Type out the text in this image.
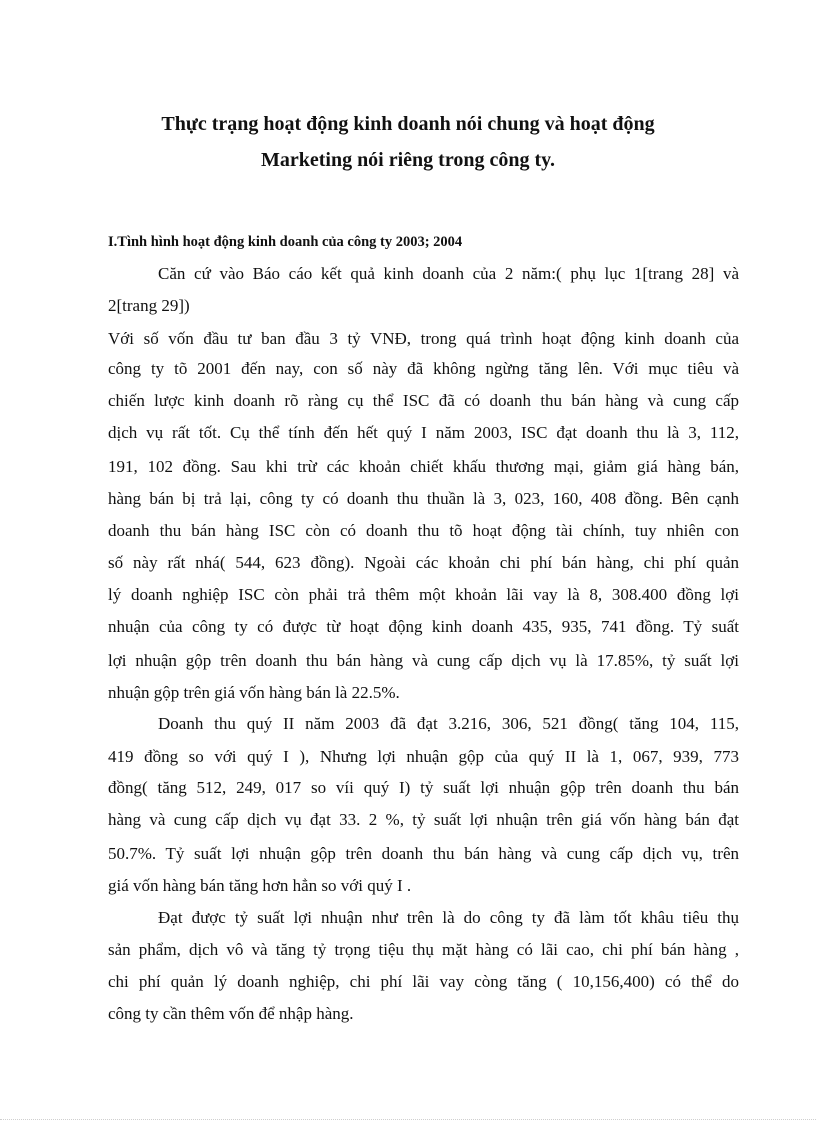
Thực trạng hoạt động kinh doanh nói chung và hoạt động
Marketing nói riêng trong công ty.
I.Tình hình hoạt động kinh doanh của công ty 2003; 2004
Căn cứ vào Báo cáo kết quả kinh doanh của 2 năm:( phụ lục 1[trang 28] và
2[trang 29])
Với số vốn đầu tư ban đầu 3 tỷ VNĐ, trong quá trình hoạt động kinh doanh của
công ty tõ 2001 đến nay, con số này đã không ngừng tăng lên. Với mục tiêu và
chiến lược kinh doanh rõ ràng cụ thể ISC đã có doanh thu bán hàng và cung cấp
dịch vụ rất tốt. Cụ thể tính đến hết quý I năm 2003, ISC đạt doanh thu là 3, 112,
191, 102 đồng. Sau khi trừ các khoản chiết khấu thương mại, giảm giá hàng bán,
hàng bán bị trả lại, công ty có doanh thu thuần là 3, 023, 160, 408 đồng. Bên cạnh
doanh thu bán hàng ISC còn có doanh thu tõ hoạt động tài chính, tuy nhiên con
số này rất nhá( 544, 623 đồng). Ngoài các khoản chi phí bán hàng, chi phí quản
lý doanh nghiệp ISC còn phải trả thêm một khoản lãi vay là 8, 308.400 đồng lợi
nhuận của công ty có được từ hoạt động kinh doanh 435, 935, 741 đồng. Tỷ suất
lợi nhuận gộp trên doanh thu bán hàng và cung cấp dịch vụ là 17.85%, tỷ suất lợi
nhuận gộp trên giá vốn hàng bán là 22.5%.
Doanh thu quý II năm 2003 đã đạt 3.216, 306, 521 đồng( tăng 104, 115,
419 đồng so với quý I ), Nhưng lợi nhuận gộp của quý II là 1, 067, 939, 773
đồng( tăng 512, 249, 017 so víi quý I) tỷ suất lợi nhuận gộp trên doanh thu bán
hàng và cung cấp dịch vụ đạt 33. 2 %, tỷ suất lợi nhuận trên giá vốn hàng bán đạt
50.7%. Tỷ suất lợi nhuận gộp trên doanh thu bán hàng và cung cấp dịch vụ, trên
giá vốn hàng bán tăng hơn hẳn so với quý I .
Đạt được tỷ suất lợi nhuận như trên là do công ty đã làm tốt khâu tiêu thụ
sản phẩm, dịch vô và tăng tỷ trọng tiệu thụ mặt hàng có lãi cao, chi phí bán hàng ,
chi phí quản lý doanh nghiệp, chi phí lãi vay còng tăng ( 10,156,400) có thể do
công ty cần thêm vốn để nhập hàng.
